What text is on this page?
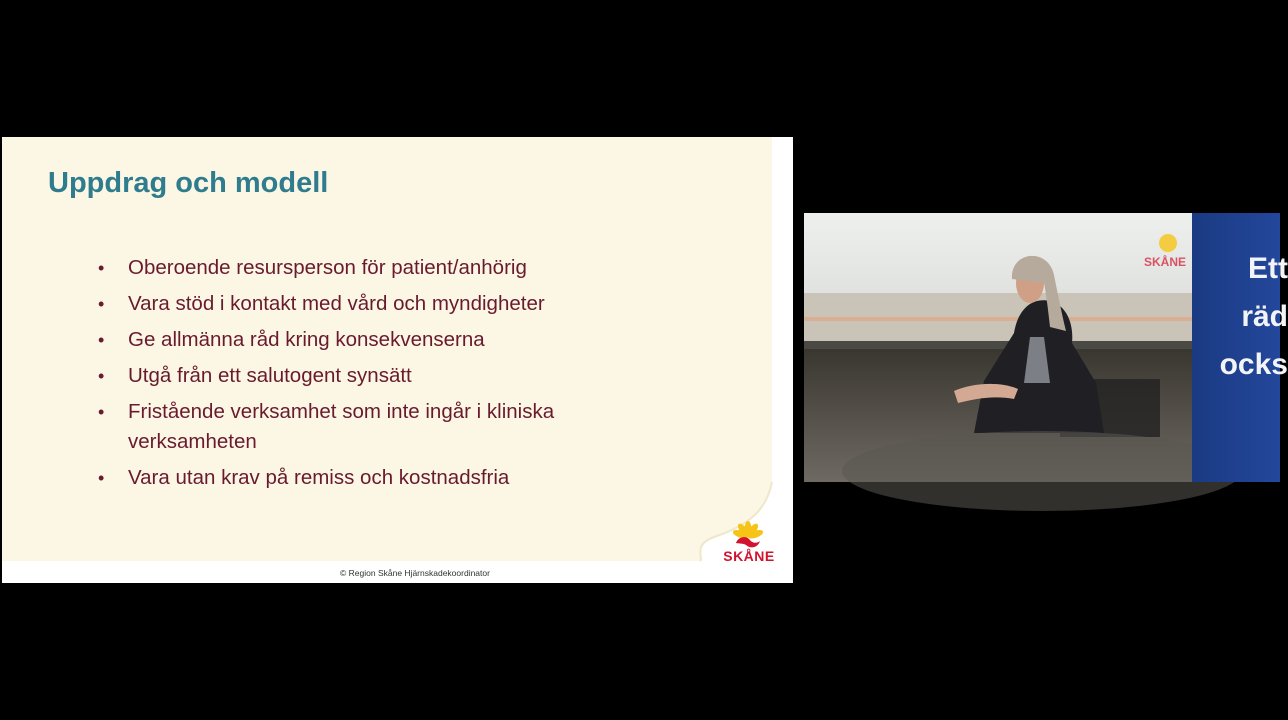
Uppdrag och modell
• Oberoende resursperson för patient/anhörig
• Vara stöd i kontakt med vård och myndigheter
• Ge allmänna råd kring konsekvenserna
• Utgå från ett salutogent synsätt
• Fristående verksamhet som inte ingår i kliniska verksamheten
• Vara utan krav på remiss och kostnadsfria
SKÅNE
© Region Skåne Hjärnskadekoordinator
Ett
räd
ocks
SKÅNE
